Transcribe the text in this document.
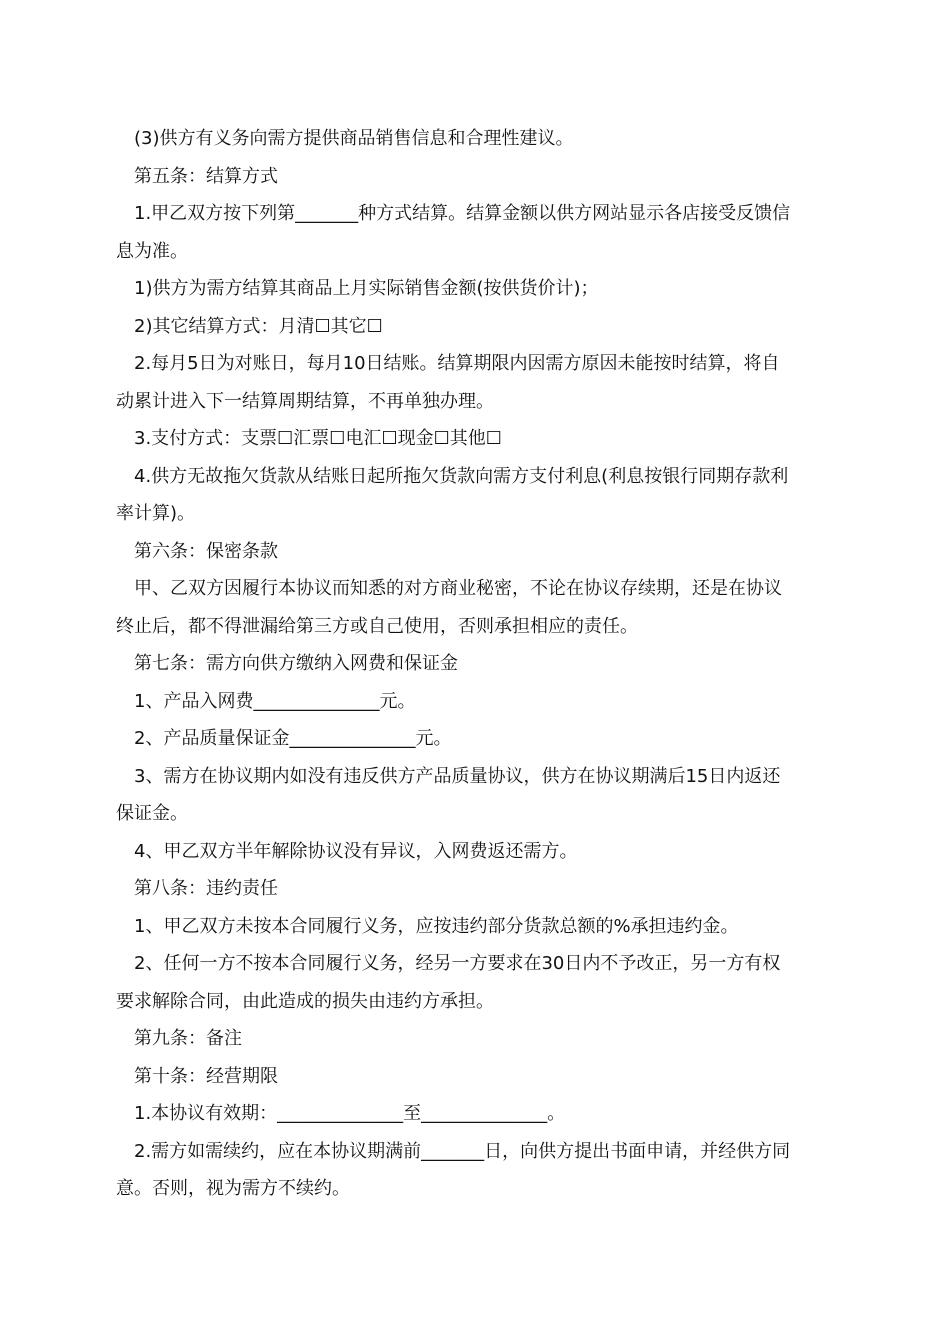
(3)供方有义务向需方提供商品销售信息和合理性建议。

第五条：结算方式

1.甲乙双方按下列第_______种方式结算。结算金额以供方网站显示各店接受反馈信

息为准。

1)供方为需方结算其商品上月实际销售金额(按供货价计)；

2)其它结算方式：月清☐其它☐

2.每月5日为对账日，每月10日结账。结算期限内因需方原因未能按时结算，将自

动累计进入下一结算周期结算，不再单独办理。

3.支付方式：支票☐汇票☐电汇☐现金☐其他☐

4.供方无故拖欠货款从结账日起所拖欠货款向需方支付利息(利息按银行同期存款利

率计算)。

第六条：保密条款

甲、乙双方因履行本协议而知悉的对方商业秘密，不论在协议存续期，还是在协议

终止后，都不得泄漏给第三方或自己使用，否则承担相应的责任。

第七条：需方向供方缴纳入网费和保证金

1、产品入网费______________元。

2、产品质量保证金______________元。

3、需方在协议期内如没有违反供方产品质量协议，供方在协议期满后15日内返还

保证金。

4、甲乙双方半年解除协议没有异议，入网费返还需方。

第八条：违约责任

1、甲乙双方未按本合同履行义务，应按违约部分货款总额的%承担违约金。

2、任何一方不按本合同履行义务，经另一方要求在30日内不予改正，另一方有权

要求解除合同，由此造成的损失由违约方承担。

第九条：备注

第十条：经营期限

1.本协议有效期：______________至______________。

2.需方如需续约，应在本协议期满前_______日，向供方提出书面申请，并经供方同

意。否则，视为需方不续约。
